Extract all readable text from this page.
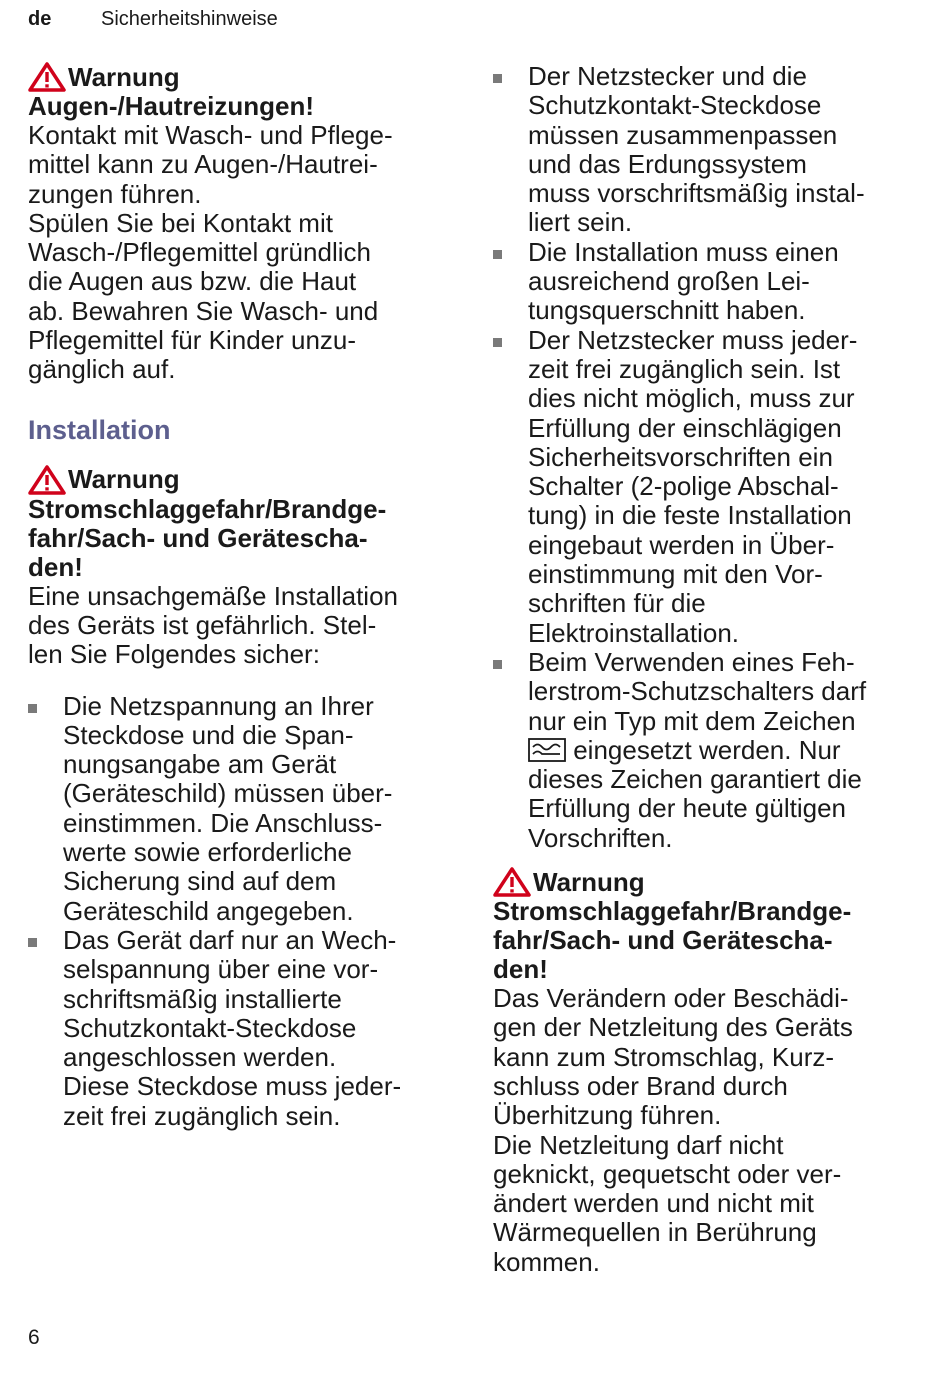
de Sicherheitshinweise
Warnung
Augen-/Hautreizungen!

Kontakt mit Wasch- und Pflege-
mittel kann zu Augen-/Hautrei-
zungen führen.

Spülen Sie bei Kontakt mit
Wasch-/Pflegemittel gründlich
die Augen aus bzw. die Haut
ab. Bewahren Sie Wasch- und
Pflegemittel für Kinder unzu-
gänglich auf.

Installation
Warnung
Stromschlaggefahr/Brandge-
fahr/Sach- und Geräteschа-
den!

Eine unsachgemäße Installation
des Geräts ist gefährlich. Stel-
len Sie Folgendes sicher:

Die Netzspannung an Ihrer
Steckdose und die Span-
nungsangabe am Gerät
(Geräteschild) müssen über-
einstimmen. Die Anschluss-
werte sowie erforderliche
Sicherung sind auf dem
Geräteschild angegeben.
Das Gerät darf nur an Wech-
selspannung über eine vor-
schriftsmäßig installierte
Schutzkontakt-Steckdose
angeschlossen werden.
Diese Steckdose muss jeder-
zeit frei zugänglich sein.
Der Netzstecker und die
Schutzkontakt-Steckdose
müssen zusammenpassen
und das Erdungssystem
muss vorschriftsmäßig instal-
liert sein.
Die Installation muss einen
ausreichend großen Lei-
tungsquerschnitt haben.
Der Netzstecker muss jeder-
zeit frei zugänglich sein. Ist
dies nicht möglich, muss zur
Erfüllung der einschlägigen
Sicherheitsvorschriften ein
Schalter (2-polige Abschal-
tung) in die feste Installation
eingebaut werden in Über-
einstimmung mit den Vor-
schriften für die
Elektroinstallation.
Beim Verwenden eines Feh-
lerstrom-Schutzschalters darf
nur ein Typ mit dem Zeichen
eingesetzt werden. Nur
dieses Zeichen garantiert die
Erfüllung der heute gültigen
Vorschriften.
Warnung
Stromschlaggefahr/Brandge-
fahr/Sach- und Geräteschа-
den!

Das Verändern oder Beschädi-
gen der Netzleitung des Geräts
kann zum Stromschlag, Kurz-
schluss oder Brand durch
Überhitzung führen.

Die Netzleitung darf nicht
geknickt, gequetscht oder ver-
ändert werden und nicht mit
Wärmequellen in Berührung
kommen.

6
